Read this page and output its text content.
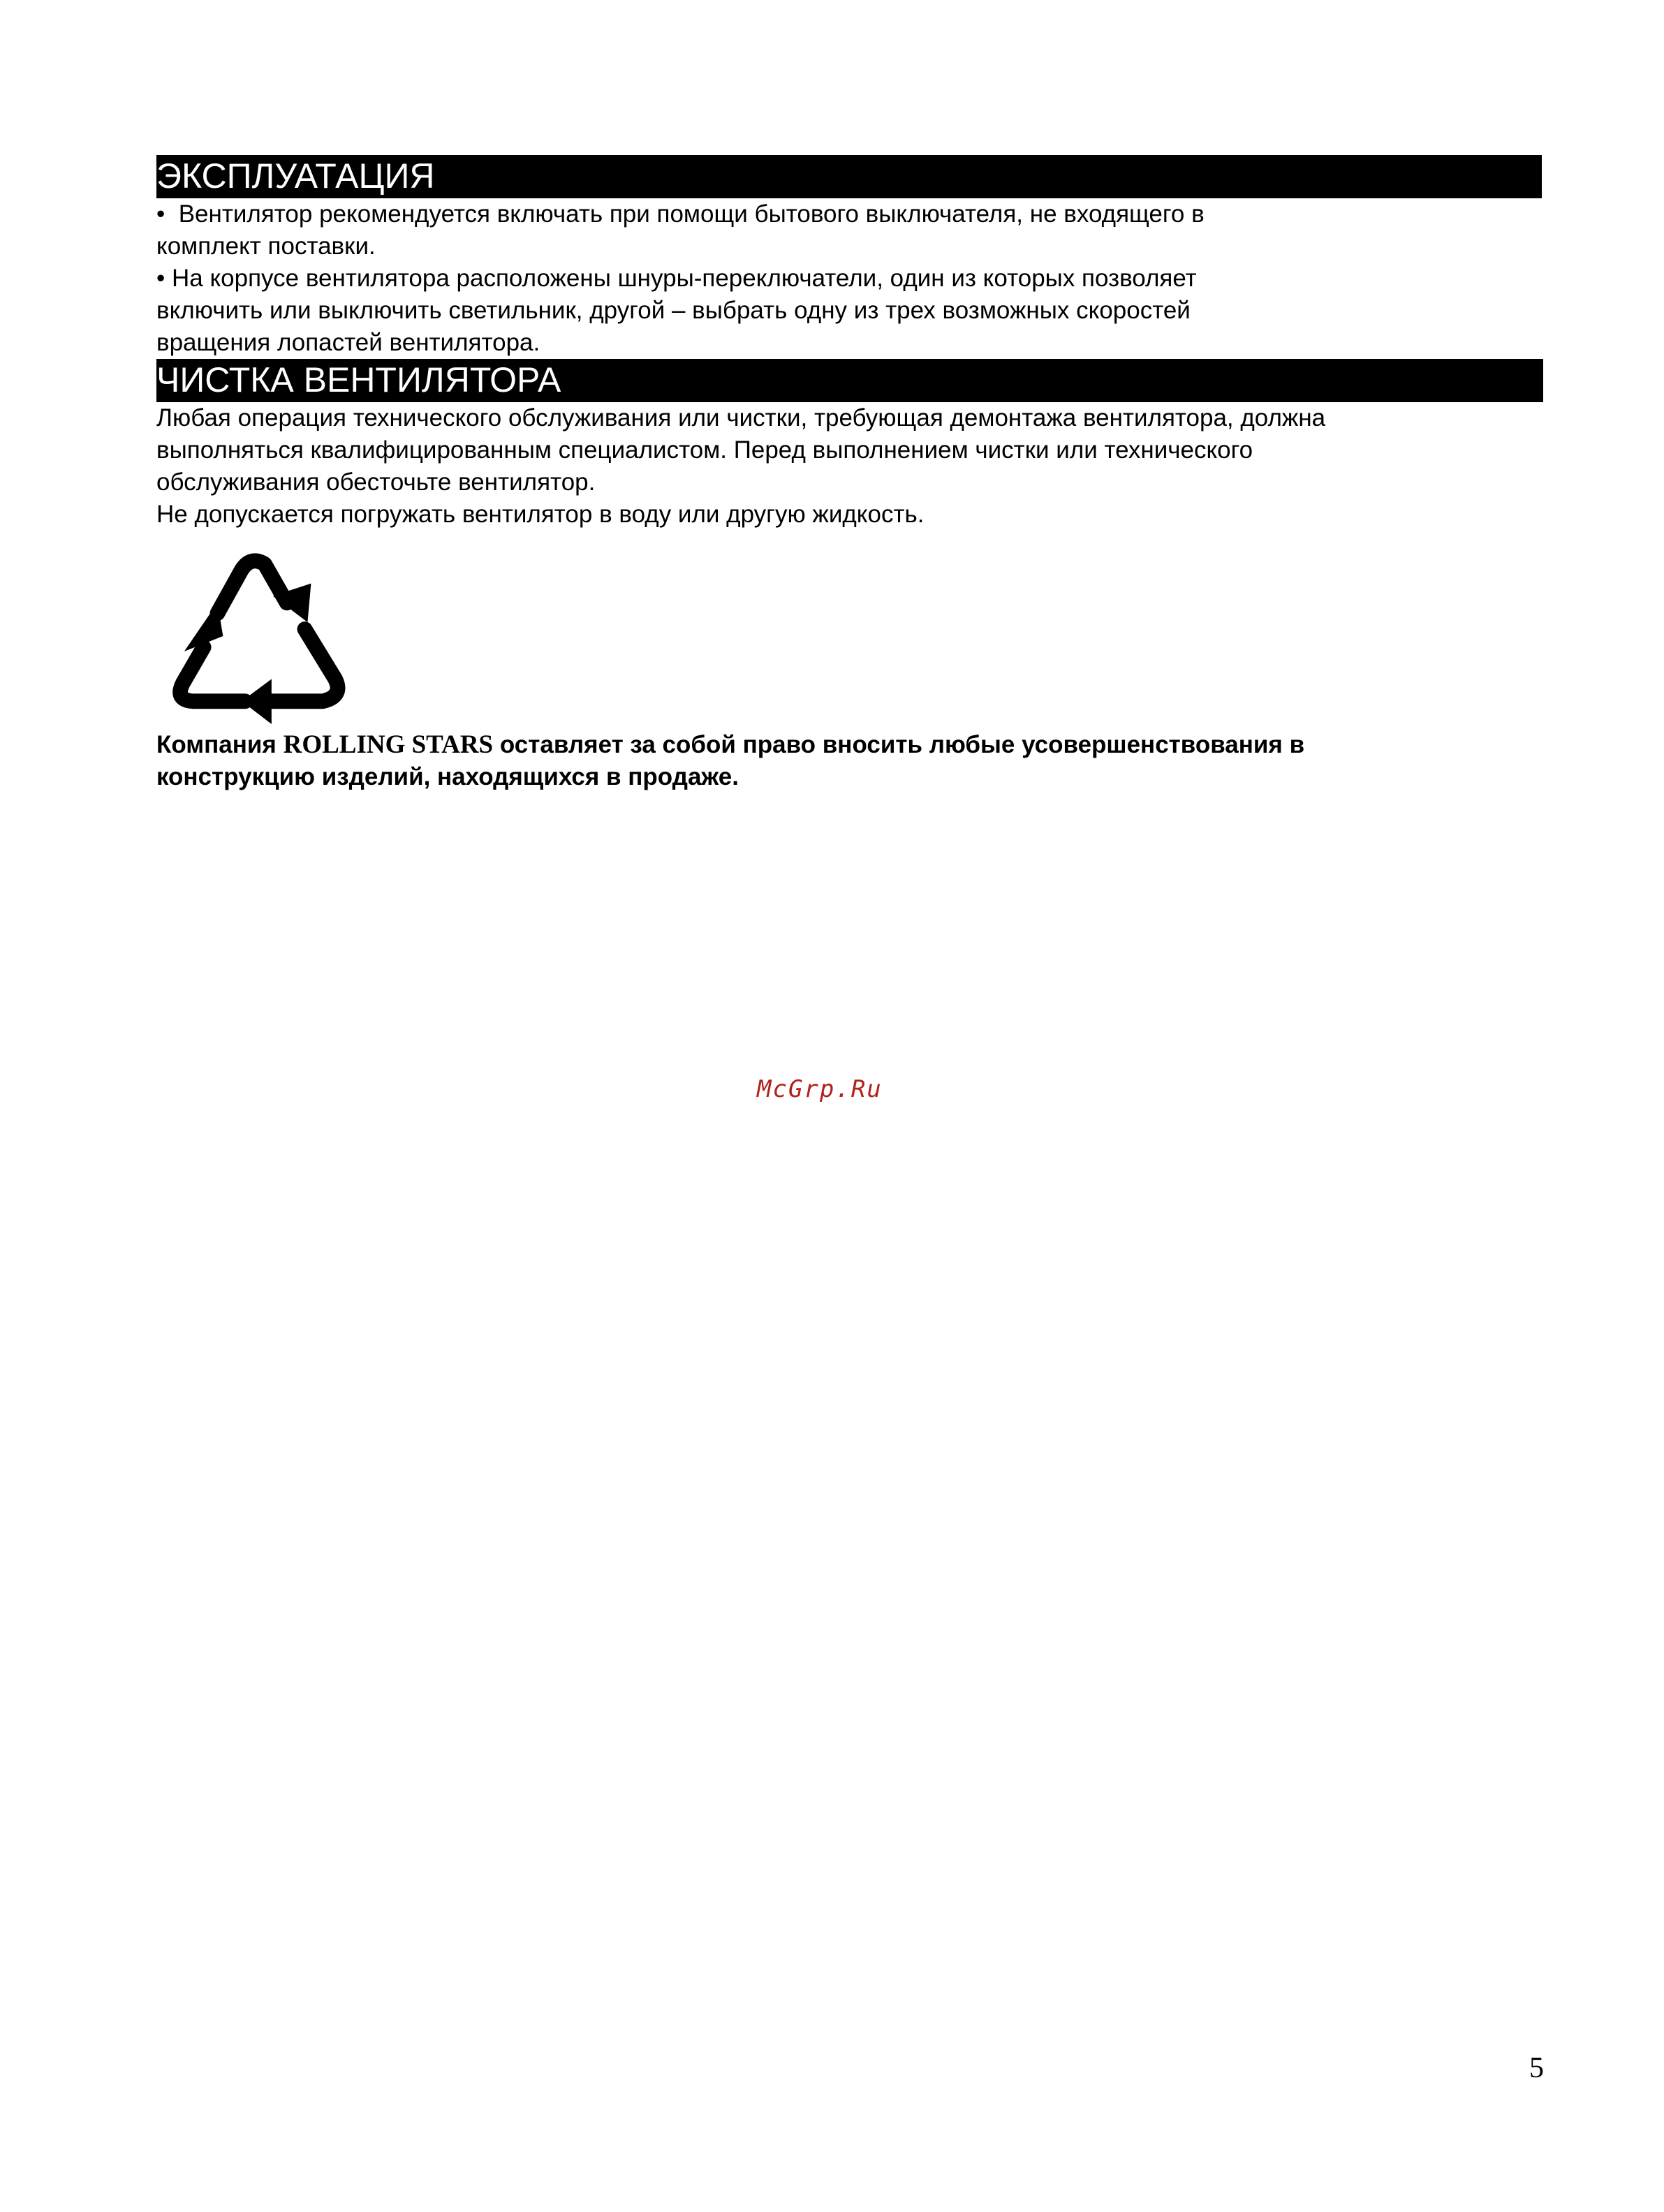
ЭКСПЛУАТАЦИЯ

•  Вентилятор рекомендуется включать при помощи бытового выключателя, не входящего в

комплект поставки.

• На корпусе вентилятора расположены шнуры-переключатели, один из которых позволяет

включить или выключить светильник, другой – выбрать одну из трех возможных скоростей

вращения лопастей вентилятора.

ЧИСТКА ВЕНТИЛЯТОРА

Любая операция технического обслуживания или чистки, требующая демонтажа вентилятора, должна

выполняться квалифицированным специалистом. Перед выполнением чистки или технического

обслуживания обесточьте вентилятор.

Не допускается погружать вентилятор в воду или другую жидкость.

Компания ROLLING STARS оставляет за собой право вносить любые усовершенствования в
конструкцию изделий, находящихся в продаже.
McGrp.Ru
5
